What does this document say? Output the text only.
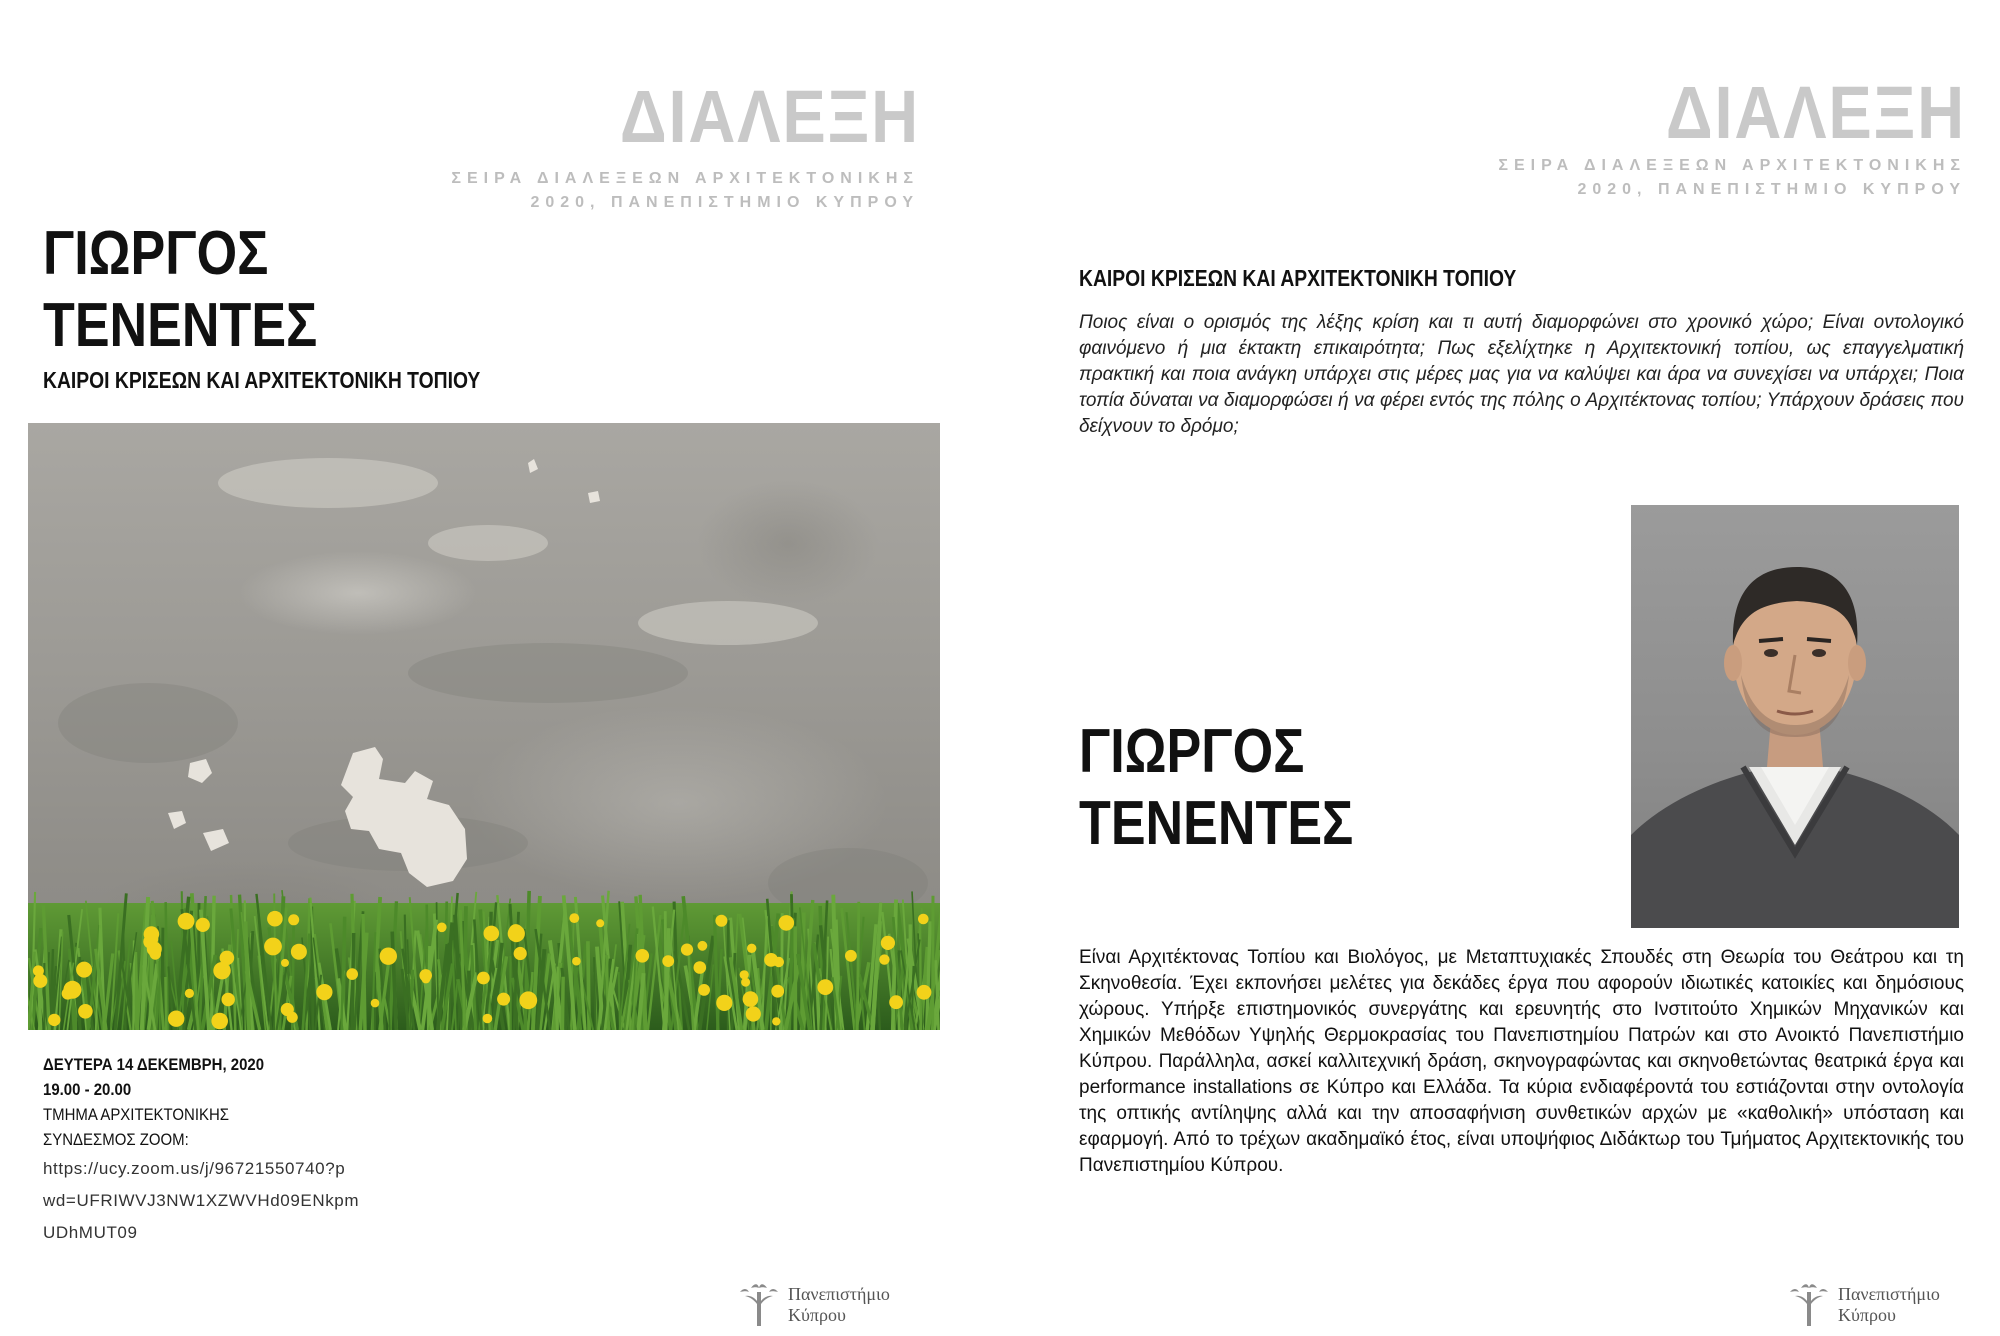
ΔΙΑΛΕΞΗ

ΣΕΙΡΑ ΔΙΑΛΕΞΕΩΝ ΑΡΧΙΤΕΚΤΟΝΙΚΗΣ
2020, ΠΑΝΕΠΙΣΤΗΜΙΟ ΚΥΠΡΟΥ

ΓΙΩΡΓΟΣ
ΤΕΝΕΝΤΕΣ
ΚΑΙΡΟΙ ΚΡΙΣΕΩΝ ΚΑΙ ΑΡΧΙΤΕΚΤΟΝΙΚΗ ΤΟΠΙΟΥ
ΔΕΥΤΕΡΑ 14 ΔΕΚΕΜΒΡΗ, 2020
19.00 - 20.00
ΤΜΗΜΑ ΑΡΧΙΤΕΚΤΟΝΙΚΗΣ
ΣΥΝΔΕΣΜΟΣ ZOOM:
https://ucy.zoom.us/j/96721550740?p
wd=UFRIWVJ3NW1XZWVHd09ENkpm
UDhMUT09

Πανεπιστήμιο
Κύπρου

ΔΙΑΛΕΞΗ

ΣΕΙΡΑ ΔΙΑΛΕΞΕΩΝ ΑΡΧΙΤΕΚΤΟΝΙΚΗΣ
2020, ΠΑΝΕΠΙΣΤΗΜΙΟ ΚΥΠΡΟΥ

ΚΑΙΡΟΙ ΚΡΙΣΕΩΝ ΚΑΙ ΑΡΧΙΤΕΚΤΟΝΙΚΗ ΤΟΠΙΟΥ

Ποιος είναι ο ορισμός της λέξης κρίση και τι αυτή διαμορφώνει στο χρονικό χώρο; Είναι οντολογικό φαινόμενο ή μια έκτακτη επικαιρότητα; Πως εξελίχτηκε η Αρχιτεκτονική τοπίου, ως επαγγελματική πρακτική και ποια ανάγκη υπάρχει στις μέρες μας για να καλύψει και άρα να συνεχίσει να υπάρχει; Ποια τοπία δύναται να διαμορφώσει ή να φέρει εντός της πόλης ο Αρχιτέκτονας τοπίου; Υπάρχουν δράσεις που δείχνουν το δρόμο;

ΓΙΩΡΓΟΣ
ΤΕΝΕΝΤΕΣ

Είναι Αρχιτέκτονας Τοπίου και Βιολόγος, με Μεταπτυχιακές Σπουδές στη Θεωρία του Θεάτρου και τη Σκηνοθεσία. Έχει εκπονήσει μελέτες για δεκάδες έργα που αφορούν ιδιωτικές κατοικίες και δημόσιους χώρους. Υπήρξε επιστημονικός συνεργάτης και ερευνητής στο Ινστιτούτο Χημικών Μηχανικών και Χημικών Μεθόδων Υψηλής Θερμοκρασίας του Πανεπιστημίου Πατρών και στο Ανοικτό Πανεπιστήμιο Κύπρου. Παράλληλα, ασκεί καλλιτεχνική δράση, σκηνογραφώντας και σκηνοθετώντας θεατρικά έργα και performance installations σε Κύπρο και Ελλάδα. Τα κύρια ενδιαφέροντά του εστιάζονται στην οντολογία της οπτικής αντίληψης αλλά και την αποσαφήνιση συνθετικών αρχών με «καθολική» υπόσταση και εφαρμογή. Από το τρέχων ακαδημαϊκό έτος, είναι υποψήφιος Διδάκτωρ του Τμήματος Αρχιτεκτονικής του Πανεπιστημίου Κύπρου.

Πανεπιστήμιο
Κύπρου
